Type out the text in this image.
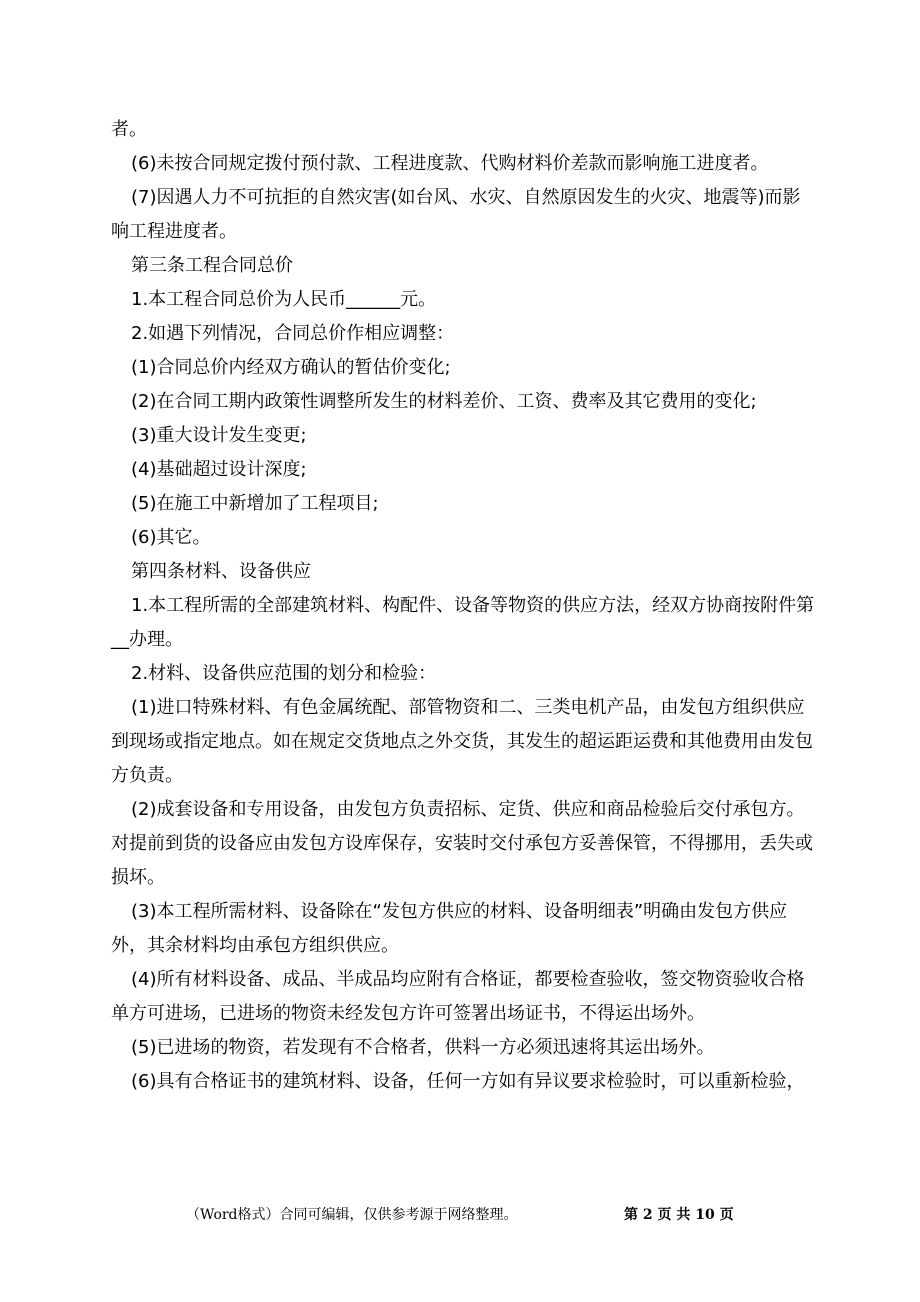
者。

(6)未按合同规定拨付预付款、工程进度款、代购材料价差款而影响施工进度者。

(7)因遇人力不可抗拒的自然灾害(如台风、水灾、自然原因发生的火灾、地震等)而影响工程进度者。

第三条工程合同总价

1.本工程合同总价为人民币______元。

2.如遇下列情况，合同总价作相应调整：

(1)合同总价内经双方确认的暂估价变化;

(2)在合同工期内政策性调整所发生的材料差价、工资、费率及其它费用的变化;

(3)重大设计发生变更;

(4)基础超过设计深度;

(5)在施工中新增加了工程项目;

(6)其它。

第四条材料、设备供应

1.本工程所需的全部建筑材料、构配件、设备等物资的供应方法，经双方协商按附件第__办理。

2.材料、设备供应范围的划分和检验：

(1)进口特殊材料、有色金属统配、部管物资和二、三类电机产品，由发包方组织供应到现场或指定地点。如在规定交货地点之外交货，其发生的超运距运费和其他费用由发包方负责。

(2)成套设备和专用设备，由发包方负责招标、定货、供应和商品检验后交付承包方。对提前到货的设备应由发包方设库保存，安装时交付承包方妥善保管，不得挪用，丢失或损坏。

(3)本工程所需材料、设备除在“发包方供应的材料、设备明细表”明确由发包方供应外，其余材料均由承包方组织供应。

(4)所有材料设备、成品、半成品均应附有合格证，都要检查验收，签交物资验收合格单方可进场，已进场的物资未经发包方许可签署出场证书，不得运出场外。

(5)已进场的物资，若发现有不合格者，供料一方必须迅速将其运出场外。

(6)具有合格证书的建筑材料、设备，任何一方如有异议要求检验时，可以重新检验，

（Word格式）合同可编辑，仅供参考源于网络整理。	第 2 页 共 10 页
